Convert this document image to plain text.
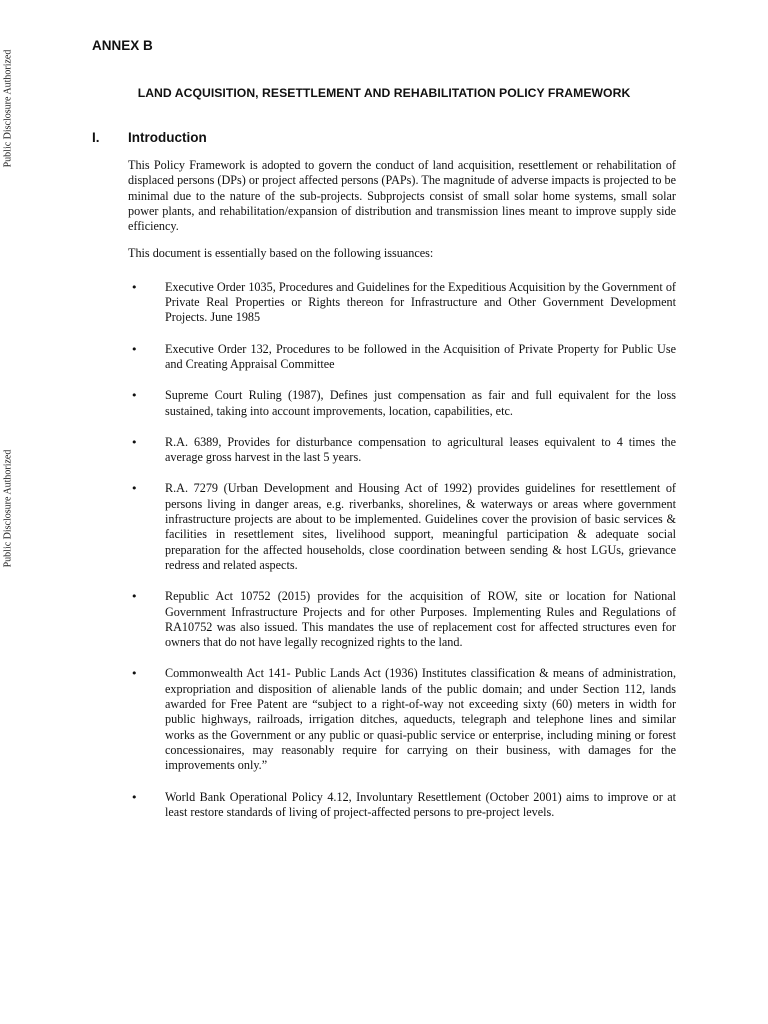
Public Disclosure Authorized
Public Disclosure Authorized
ANNEX B
LAND ACQUISITION, RESETTLEMENT AND REHABILITATION POLICY FRAMEWORK
I.	Introduction

This Policy Framework is adopted to govern the conduct of land acquisition, resettlement or rehabilitation of displaced persons (DPs) or project affected persons (PAPs). The magnitude of adverse impacts is projected to be minimal due to the nature of the sub-projects. Subprojects consist of small solar home systems, small solar power plants, and rehabilitation/expansion of distribution and transmission lines meant to improve supply side efficiency.

This document is essentially based on the following issuances:

•	Executive Order 1035, Procedures and Guidelines for the Expeditious Acquisition by the Government of Private Real Properties or Rights thereon for Infrastructure and Other Government Development Projects. June 1985
•	Executive Order 132, Procedures to be followed in the Acquisition of Private Property for Public Use and Creating Appraisal Committee
•	Supreme Court Ruling (1987), Defines just compensation as fair and full equivalent for the loss sustained, taking into account improvements, location, capabilities, etc.
•	R.A. 6389, Provides for disturbance compensation to agricultural leases equivalent to 4 times the average gross harvest in the last 5 years.
•	R.A. 7279 (Urban Development and Housing Act of 1992) provides guidelines for resettlement of persons living in danger areas, e.g. riverbanks, shorelines, & waterways or areas where government infrastructure projects are about to be implemented. Guidelines cover the provision of basic services & facilities in resettlement sites, livelihood support, meaningful participation & adequate social preparation for the affected households, close coordination between sending & host LGUs, grievance redress and related aspects.
•	Republic Act 10752 (2015) provides for the acquisition of ROW, site or location for National Government Infrastructure Projects and for other Purposes. Implementing Rules and Regulations of RA10752 was also issued. This mandates the use of replacement cost for affected structures even for owners that do not have legally recognized rights to the land.
•	Commonwealth Act 141- Public Lands Act (1936) Institutes classification & means of administration, expropriation and disposition of alienable lands of the public domain; and under Section 112, lands awarded for Free Patent are “subject to a right-of-way not exceeding sixty (60) meters in width for public highways, railroads, irrigation ditches, aqueducts, telegraph and telephone lines and similar works as the Government or any public or quasi-public service or enterprise, including mining or forest concessionaires, may reasonably require for carrying on their business, with damages for the improvements only.”
•	World Bank Operational Policy 4.12, Involuntary Resettlement (October 2001) aims to improve or at least restore standards of living of project-affected persons to pre-project levels.
